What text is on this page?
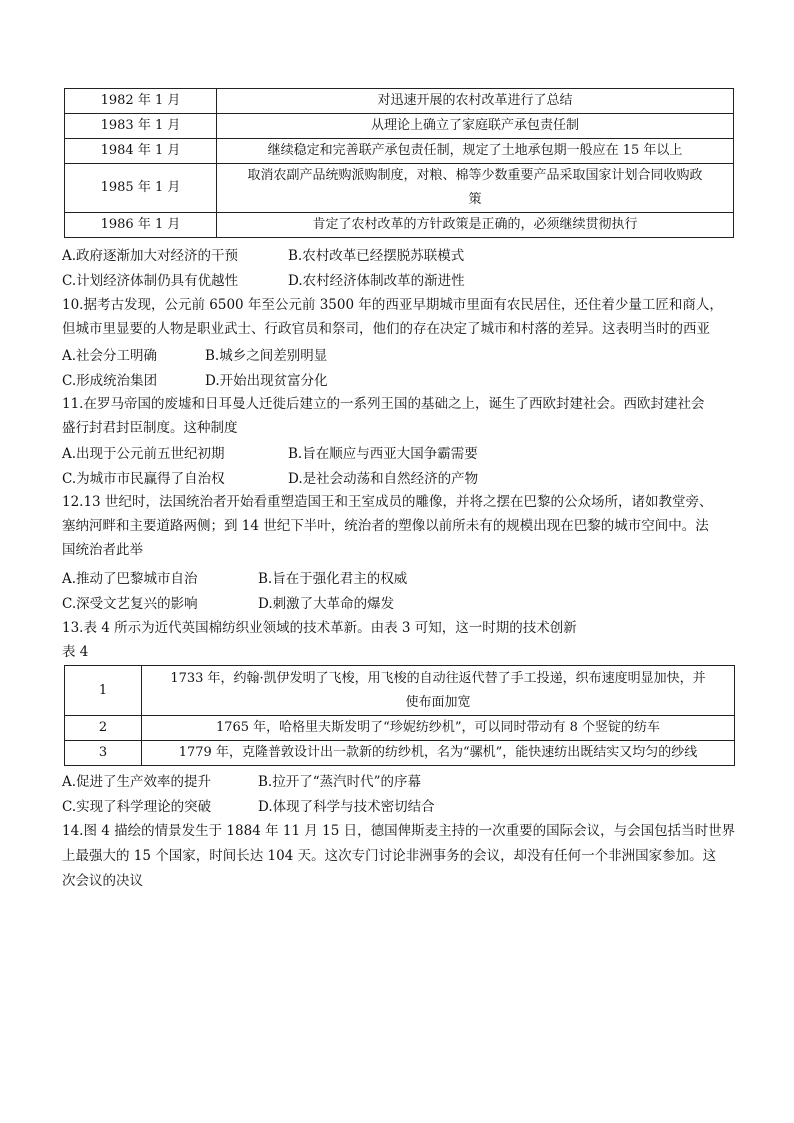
1982 年 1 月	对迅速开展的农村改革进行了总结
1983 年 1 月	从理论上确立了家庭联产承包责任制
1984 年 1 月	继续稳定和完善联产承包责任制，规定了土地承包期一般应在 15 年以上
1985 年 1 月	取消农副产品统购派购制度，对粮、棉等少数重要产品采取国家计划合同收购政
策

1986 年 1 月	肯定了农村改革的方针政策是正确的，必须继续贯彻执行
A.政府逐渐加大对经济的干预	B.农村改革已经摆脱苏联模式
C.计划经济体制仍具有优越性	D.农村经济体制改革的渐进性
10.据考古发现，公元前 6500 年至公元前 3500 年的西亚早期城市里面有农民居住，还住着少量工匠和商人，
但城市里显要的人物是职业武士、行政官员和祭司，他们的存在决定了城市和村落的差异。这表明当时的西亚
A.社会分工明确	B.城乡之间差别明显
C.形成统治集团	D.开始出现贫富分化
11.在罗马帝国的废墟和日耳曼人迁徙后建立的一系列王国的基础之上，诞生了西欧封建社会。西欧封建社会
盛行封君封臣制度。这种制度
A.出现于公元前五世纪初期	B.旨在顺应与西亚大国争霸需要
C.为城市市民赢得了自治权	D.是社会动荡和自然经济的产物
12.13 世纪时，法国统治者开始看重塑造国王和王室成员的雕像，并将之摆在巴黎的公众场所，诸如教堂旁、
塞纳河畔和主要道路两侧；到 14 世纪下半叶，统治者的塑像以前所未有的规模出现在巴黎的城市空间中。法
国统治者此举
A.推动了巴黎城市自治	B.旨在于强化君主的权威
C.深受文艺复兴的影响	D.刺激了大革命的爆发
13.表 4 所示为近代英国棉纺织业领域的技术革新。由表 3 可知，这一时期的技术创新
表 4
1	1733 年，约翰·凯伊发明了飞梭，用飞梭的自动往返代替了手工投递，织布速度明显加快，并
使布面加宽

2	1765 年，哈格里夫斯发明了“珍妮纺纱机”，可以同时带动有 8 个竖锭的纺车
3	1779 年，克隆普敦设计出一款新的纺纱机，名为“骡机”，能快速纺出既结实又均匀的纱线
A.促进了生产效率的提升	B.拉开了“蒸汽时代”的序幕
C.实现了科学理论的突破	D.体现了科学与技术密切结合
14.图 4 描绘的情景发生于 1884 年 11 月 15 日，德国俾斯麦主持的一次重要的国际会议，与会国包括当时世界
上最强大的 15 个国家，时间长达 104 天。这次专门讨论非洲事务的会议，却没有任何一个非洲国家参加。这
次会议的决议
